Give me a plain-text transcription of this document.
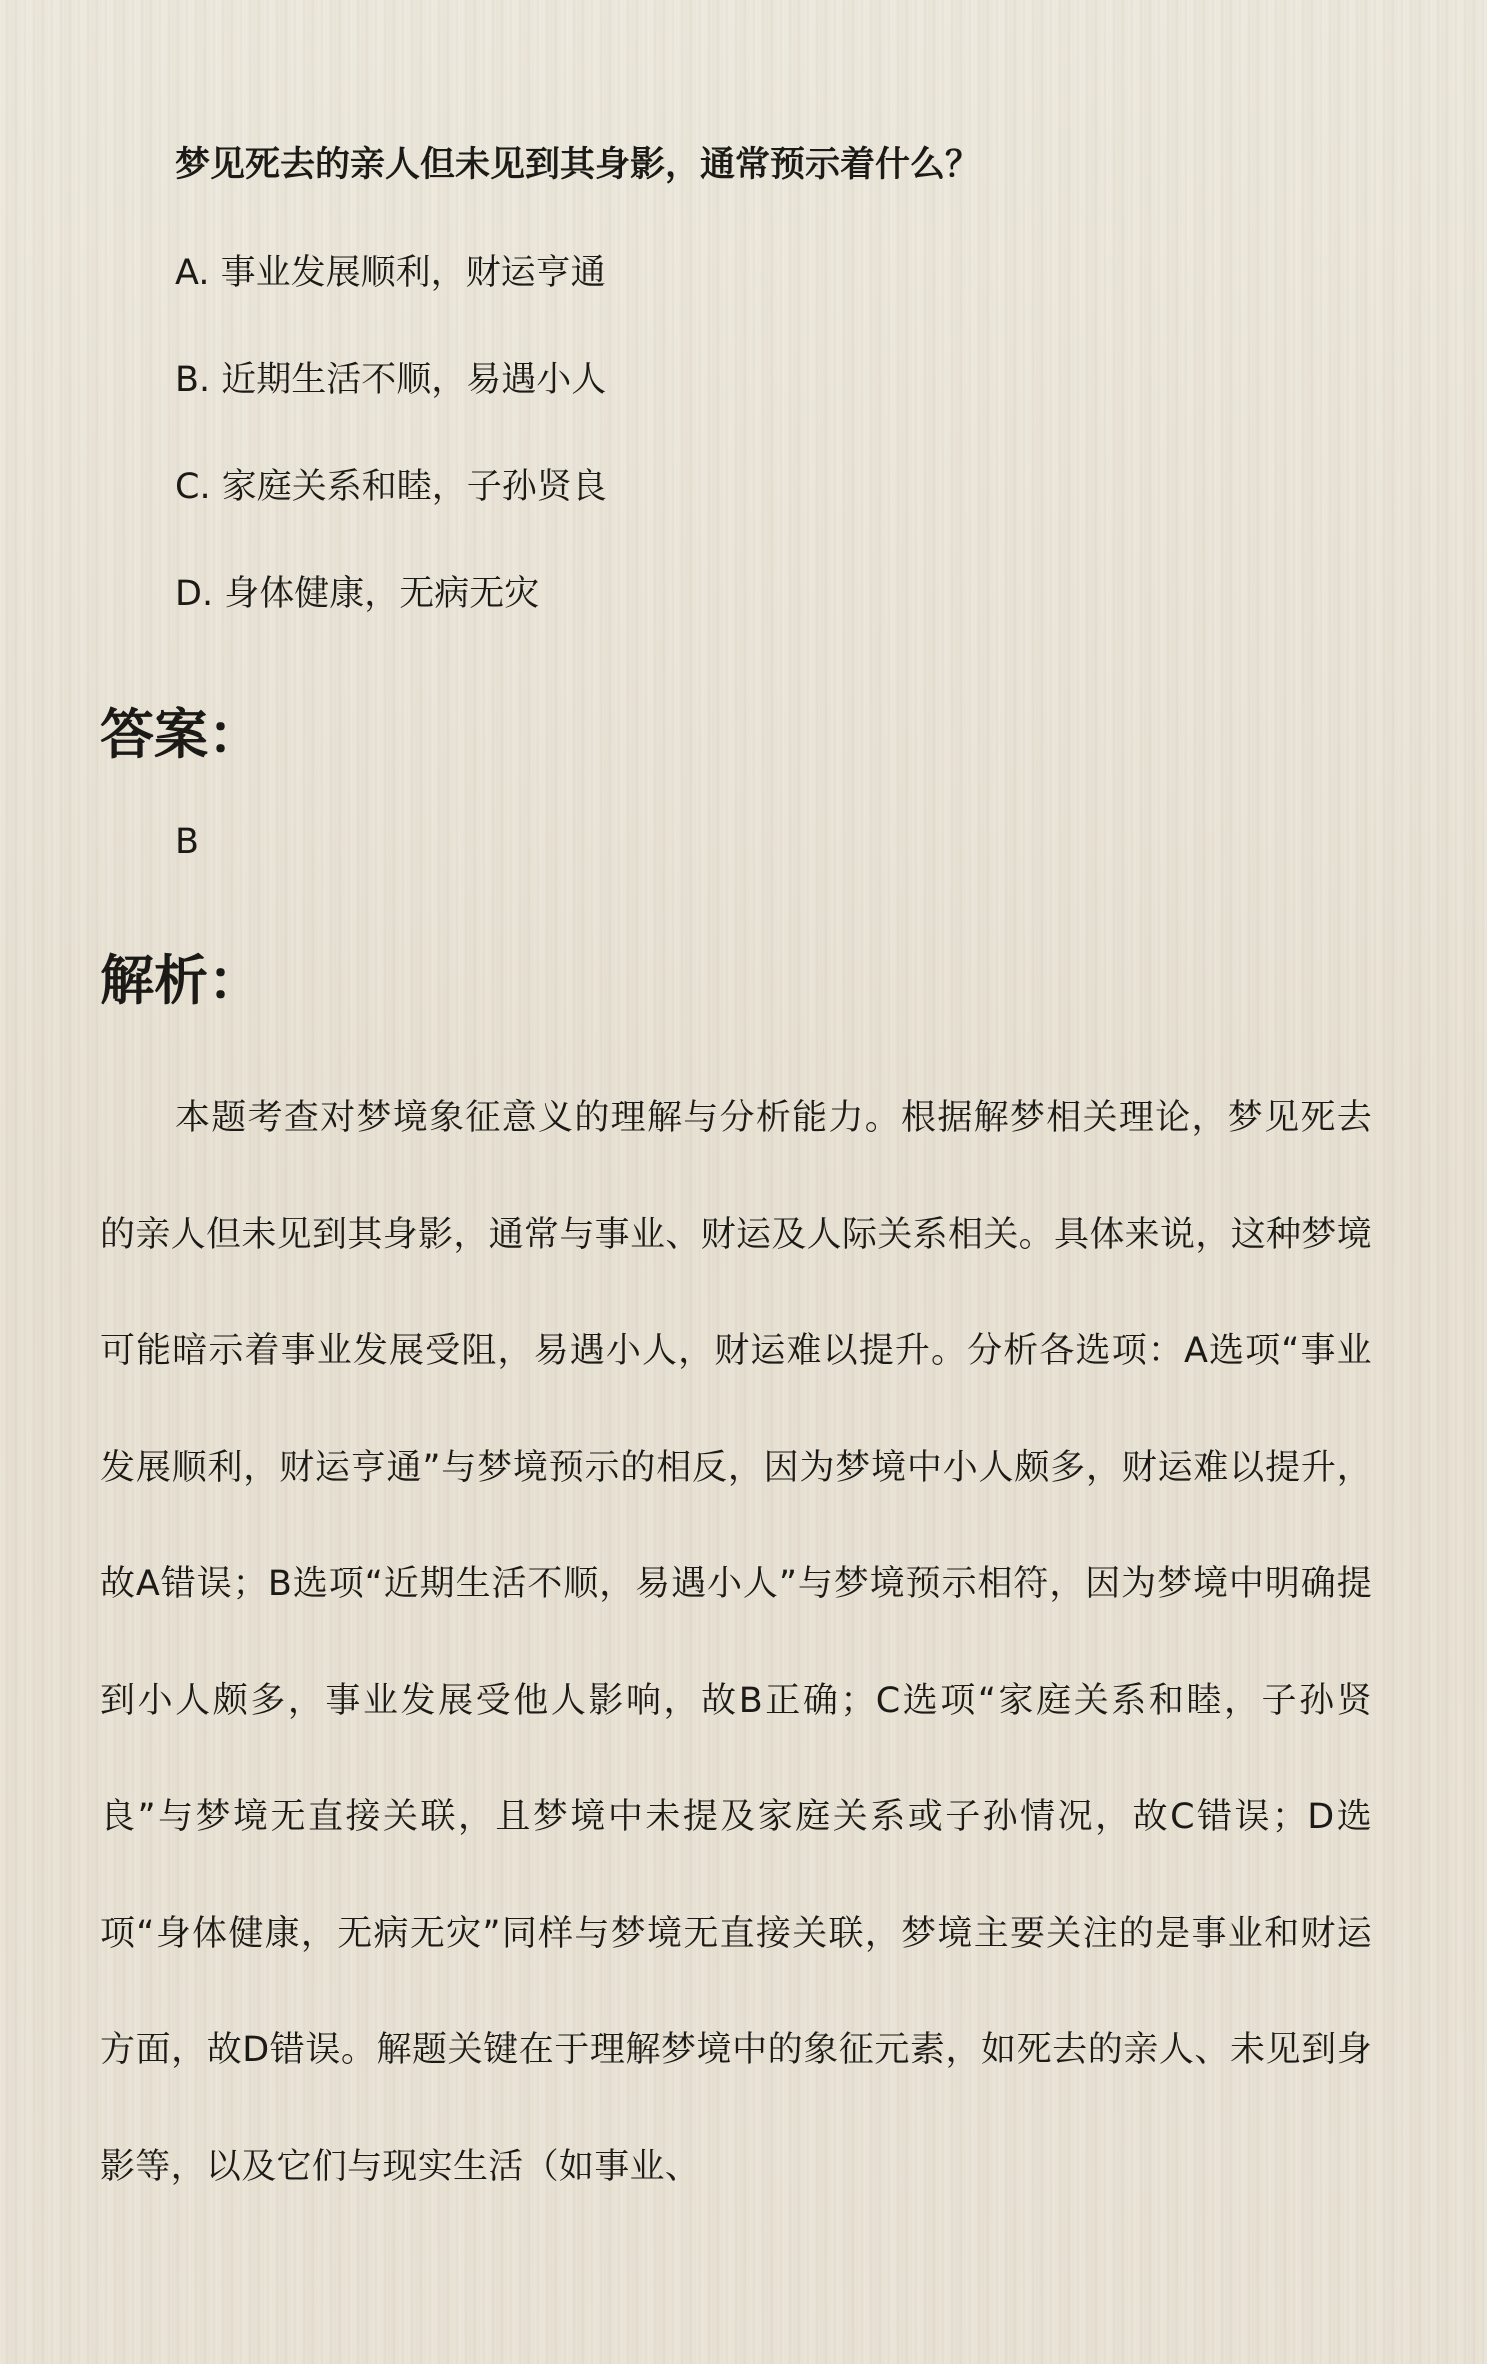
梦见死去的亲人但未见到其身影，通常预示着什么？

A. 事业发展顺利，财运亨通
B. 近期生活不顺，易遇小人
C. 家庭关系和睦，子孙贤良
D. 身体健康，无病无灾
答案：
B
解析：

本题考查对梦境象征意义的理解与分析能力。根据解梦相关理论，梦见死去的亲人但未见到其身影，通常与事业、财运及人际关系相关。具体来说，这种梦境可能暗示着事业发展受阻，易遇小人，财运难以提升。分析各选项：A选项“事业发展顺利，财运亨通”与梦境预示的相反，因为梦境中小人颇多，财运难以提升，故A错误；B选项“近期生活不顺，易遇小人”与梦境预示相符，因为梦境中明确提到小人颇多，事业发展受他人影响，故B正确；C选项“家庭关系和睦，子孙贤良”与梦境无直接关联，且梦境中未提及家庭关系或子孙情况，故C错误；D选项“身体健康，无病无灾”同样与梦境无直接关联，梦境主要关注的是事业和财运方面，故D错误。解题关键在于理解梦境中的象征元素，如死去的亲人、未见到身影等，以及它们与现实生活（如事业、
